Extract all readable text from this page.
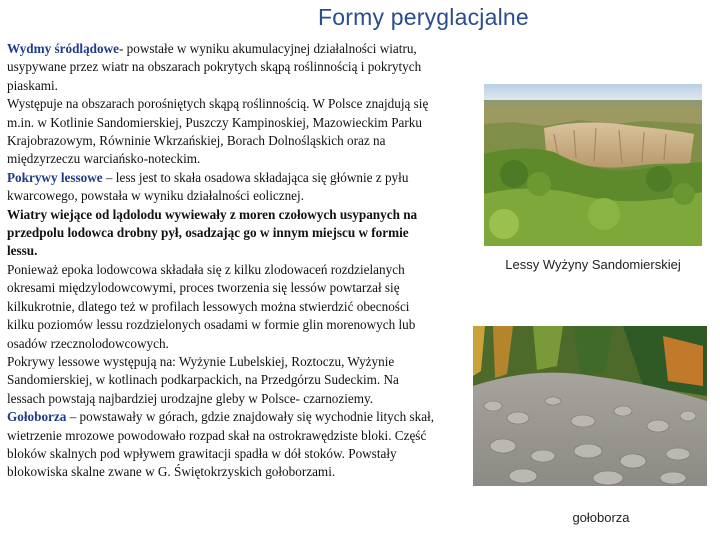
Formy peryglacjalne

Wydmy śródlądowe- powstałe w wyniku akumulacyjnej działalności wiatru, usypywane przez wiatr na obszarach pokrytych skąpą roślinnością i pokrytych piaskami.

Występuje na obszarach porośniętych skąpą roślinnością. W Polsce znajdują się m.in. w Kotlinie Sandomierskiej, Puszczy Kampinoskiej, Mazowieckim Parku Krajobrazowym, Równinie Wkrzańskiej, Borach Dolnośląskich oraz na międzyrzeczu warciańsko-noteckim.

Pokrywy lessowe – less jest to skała osadowa składająca się głównie z pyłu kwarcowego, powstała w wyniku działalności eolicznej.

Wiatry wiejące od lądolodu wywiewały z moren czołowych usypanych na przedpolu lodowca drobny pył, osadzając go w innym miejscu w formie lessu.

Ponieważ epoka lodowcowa składała się z kilku zlodowaceń rozdzielanych okresami międzylodowcowymi, proces tworzenia się lessów powtarzał się kilkukrotnie, dlatego też w profilach lessowych można stwierdzić obecności kilku poziomów lessu rozdzielonych osadami w formie glin morenowych lub osadów rzecznolodowcowych.

Pokrywy lessowe występują na: Wyżynie Lubelskiej, Roztoczu, Wyżynie Sandomierskiej, w kotlinach podkarpackich, na Przedgórzu Sudeckim. Na lessach powstają najbardziej urodzajne gleby w Polsce- czarnoziemy.

Gołoborza – powstawały w górach, gdzie znajdowały się wychodnie litych skał, wietrzenie mrozowe powodowało rozpad skał na ostrokrawędziste bloki. Część bloków skalnych pod wpływem grawitacji spadła w dół stoków. Powstały blokowiska skalne zwane w G. Świętokrzyskich gołoborzami.

Lessy Wyżyny Sandomierskiej
gołoborza
